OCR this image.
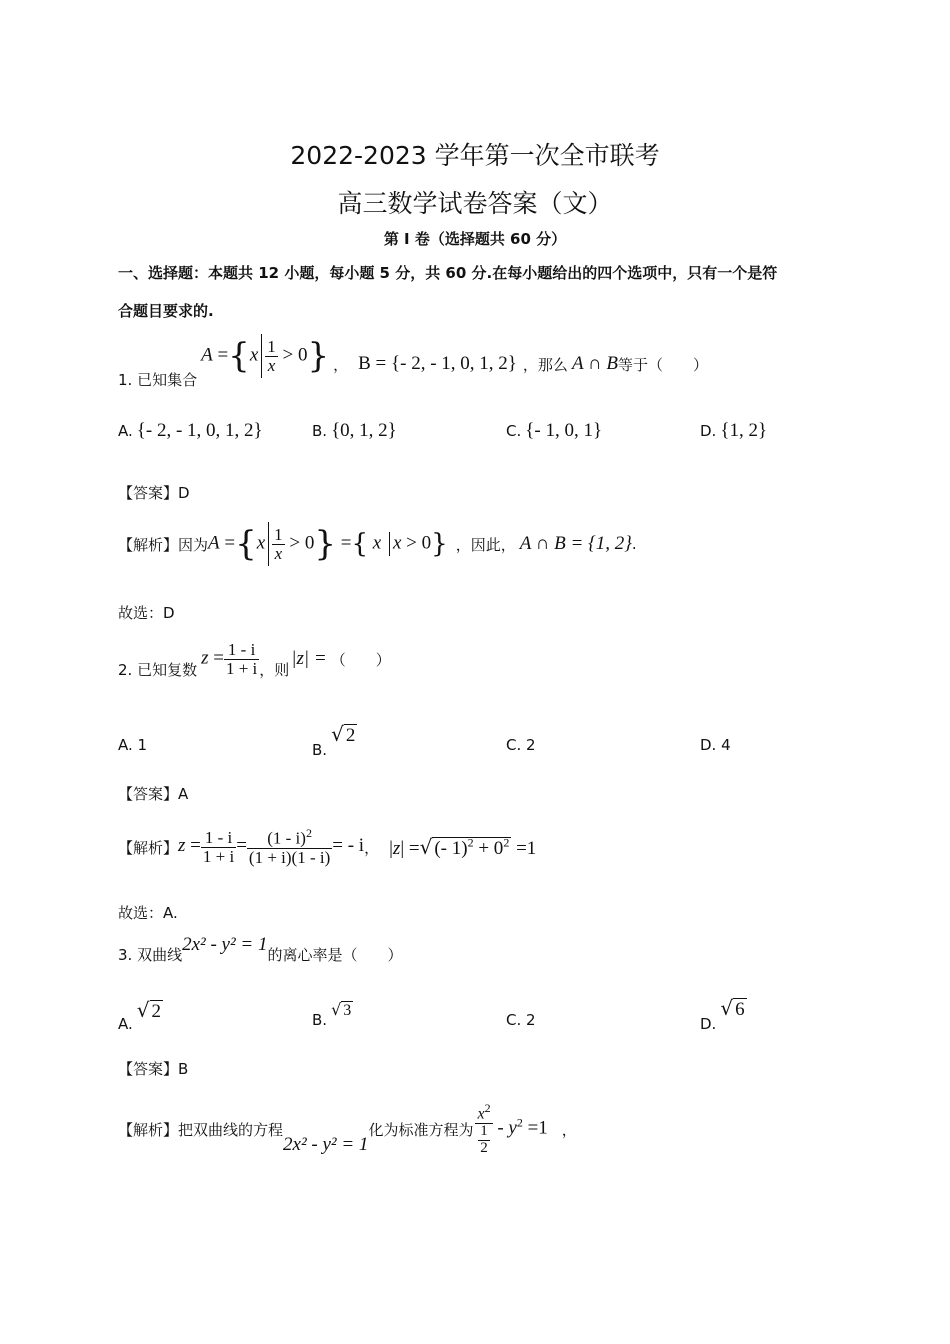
2022-2023 学年第一次全市联考
高三数学试卷答案（文）
第 I 卷（选择题共 60 分）
一、选择题：本题共 12 小题，每小题 5 分，共 60 分.在每小题给出的四个选项中，只有一个是符
合题目要求的.
1. 已知集合
$A =\{x \frac{1}{x} > 0\}$ ， B = {- 2, - 1, 0, 1, 2} ，那么 A ∩ B 等于（　　）
A. {- 2, - 1, 0, 1, 2}	B. {0, 1, 2}	C. {- 1, 0, 1}	D. {1, 2}
【答案】D
【解析】因为 $A =\{x \frac{1}{x} > 0\}$ ={ x x > 0} ，因此， A ∩ B = {1, 2} .
故选：D
2. 已知复数
$z = \frac{1 - i}{1 + i}$ ，则
|z| = （　　）
A. 1	B.√ 2	C. 2	D. 4
【答案】A
【解析】 $z = \frac{1 - i}{1 + i} = \frac{(1 - i)^2}{(1 + i)(1 - i)}$ = - i ， |z| =√ (- $1)^2 + 0^2 =1$
故选：A.
3. 双曲线 2x² - y² = 1 的离心率是（　　）
A.√ 2	B.√ 3
C. 2	D.√ 6
【答案】B
【解析】把双曲线的方程
2x² - y² = 1
化为标准方程为 $\frac{x^2}{\frac{1}{2}} - y^2 =1$ ，
